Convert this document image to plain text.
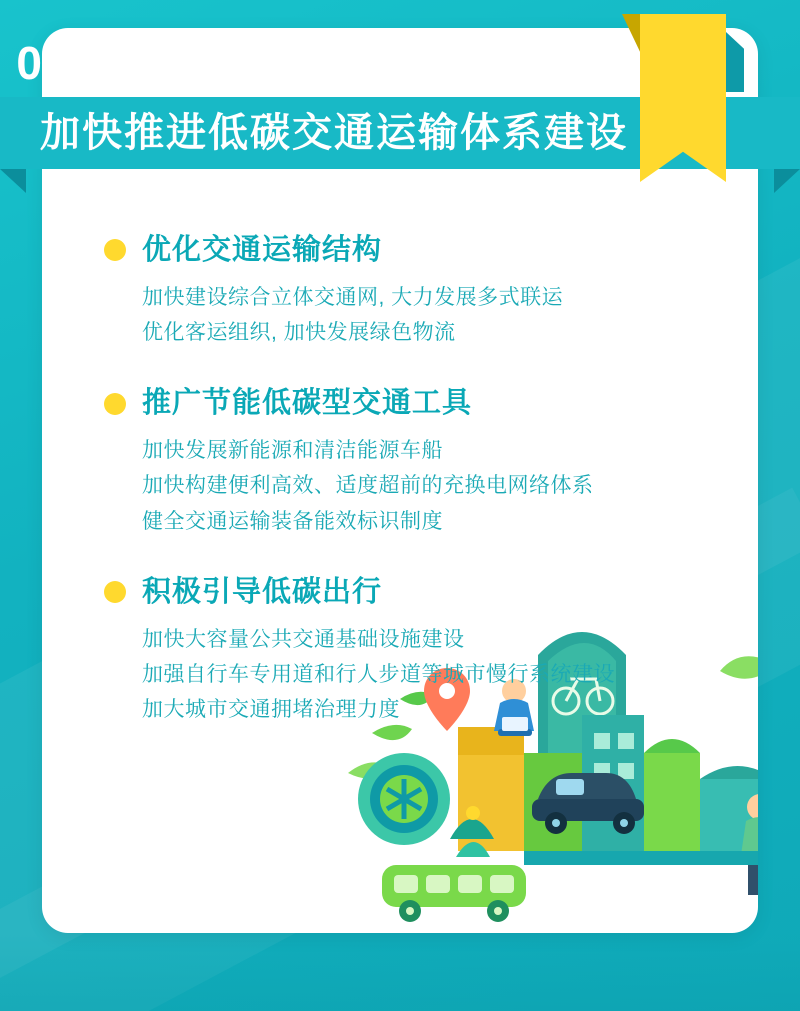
优化交通运输结构
加快建设综合立体交通网, 大力发展多式联运
优化客运组织, 加快发展绿色物流
推广节能低碳型交通工具
加快发展新能源和清洁能源车船
加快构建便利高效、适度超前的充换电网络体系
健全交通运输装备能效标识制度
积极引导低碳出行
加快大容量公共交通基础设施建设
加强自行车专用道和行人步道等城市慢行系统建设
加大城市交通拥堵治理力度
06
加快推进低碳交通运输体系建设
